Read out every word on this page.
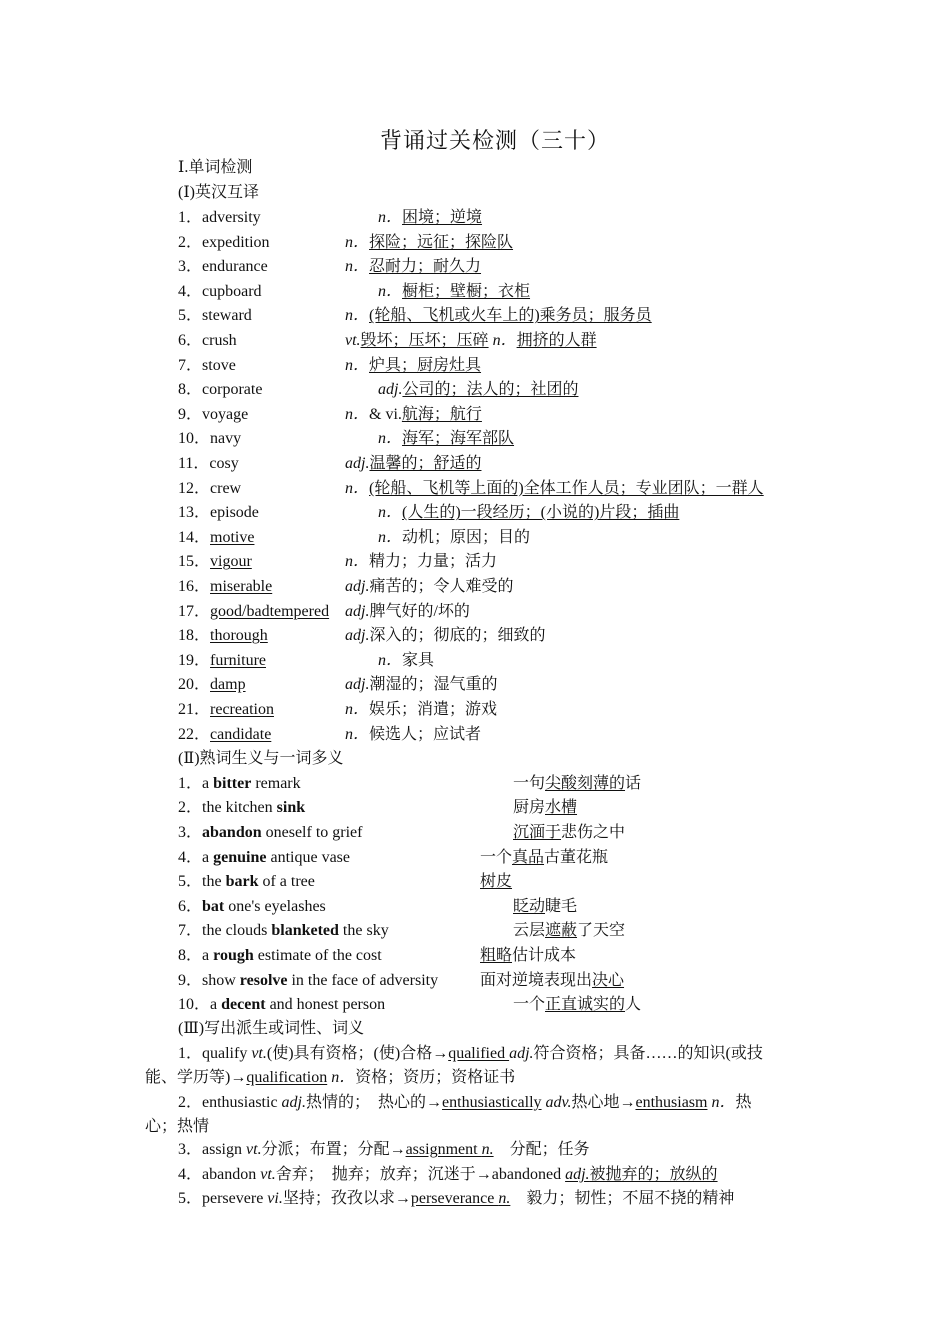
背诵过关检测（三十）
Ⅰ.单词检测
(Ⅰ)英汉互译
1．adversity	n．困境；逆境
2．expedition	n．探险；远征；探险队
3．endurance	n．忍耐力；耐久力
4．cupboard	n．橱柜；壁橱；衣柜
5．steward	n．(轮船、飞机或火车上的)乘务员；服务员
6．crush	vt.毁坏；压坏；压碎 n．拥挤的人群
7．stove	n．炉具；厨房灶具
8．corporate	adj.公司的；法人的；社团的
9．voyage	n．& vi.航海；航行
10．navy	n．海军；海军部队
11．cosy	adj.温馨的；舒适的
12．crew	n．(轮船、飞机等上面的)全体工作人员；专业团队；一群人
13．episode	n．(人生的)一段经历；(小说的)片段；插曲
14．motive	n．动机；原因；目的
15．vigour	n．精力；力量；活力
16．miserable	adj.痛苦的；令人难受的
17．good/badtempered adj.脾气好的/坏的
18．thorough	adj.深入的；彻底的；细致的
19．furniture	n．家具
20．damp	adj.潮湿的；湿气重的
21．recreation	n．娱乐；消遣；游戏
22．candidate	n．候选人；应试者
(Ⅱ)熟词生义与一词多义
1．a bitter remark	一句尖酸刻薄的话
2．the kitchen sink	厨房水槽
3．abandon oneself to grief	沉湎于悲伤之中
4．a genuine antique vase	一个真品古董花瓶
5．the bark of a tree	树皮
6．bat one's eyelashes	眨动睫毛
7．the clouds blanketed the sky	云层遮蔽了天空
8．a rough estimate of the cost	粗略估计成本
9．show resolve in the face of adversity	面对逆境表现出决心
10．a decent and honest person	一个正直诚实的人
(Ⅲ)写出派生或词性、词义
1．qualify vt.(使)具有资格；(使)合格→qualified adj.符合资格；具备……的知识(或技
能、学历等)→qualification n．资格；资历；资格证书
2．enthusiastic adj.热情的；　热心的→enthusiastically adv.热心地→enthusiasm n．热
心；热情
3．assign vt.分派；布置；分配→assignment n.　分配；任务
4．abandon vt.舍弃；　抛弃；放弃；沉迷于→abandoned adj.被抛弃的；放纵的
5．persevere vi.坚持；孜孜以求→perseverance n.　毅力；韧性；不屈不挠的精神
